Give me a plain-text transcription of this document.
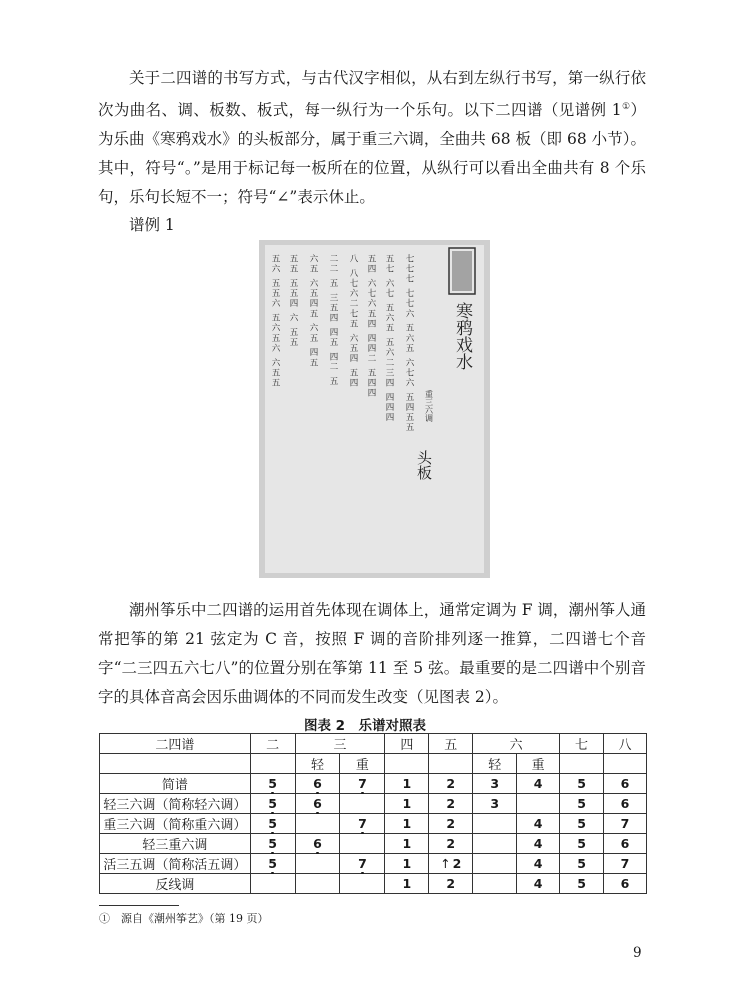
关于二四谱的书写方式，与古代汉字相似，从右到左纵行书写，第一纵行依次为曲名、调、板数、板式，每一纵行为一个乐句。以下二四谱（见谱例 1①）为乐曲《寒鸦戏水》的头板部分，属于重三六调，全曲共 68 板（即 68 小节）。其中，符号“。”是用于标记每一板所在的位置，从纵行可以看出全曲共有 8 个乐句，乐句长短不一；符号“∠”表示休止。

谱例 1

寒鸦戏水
重三六调
头板
七七七 七七六 五六五 六七六 五四五五
五七 六七 五六五 五六二三四 四四四
五四 六七六五四 四四二 五四四
八 八七六二七五 六五四 五四
二二 五 三五四 四五 四二 五
六五 六五四五 六五 四五
五五 五五四 六 五五
五六 五五六 五六五六 六五五

潮州筝乐中二四谱的运用首先体现在调体上，通常定调为 F 调，潮州筝人通常把筝的第 21 弦定为 C 音，按照 F 调的音阶排列逐一推算，二四谱七个音字“二三四五六七八”的位置分别在筝第 11 至 5 弦。最重要的是二四谱中个别音字的具体音高会因乐曲调体的不同而发生改变（见图表 2）。

图表 2　乐谱对照表
二四谱	二	三		四	五	六		七	八
		轻	重			轻	重		
简谱	5	6	7	1	2	3	4	5	6
轻三六调（简称轻六调）	5	6		1	2	3		5	6
重三六调（简称重六调）	5		7	1	2		4	5	7
轻三重六调	5	6		1	2		4	5	6
活三五调（简称活五调）	5		7	1	↑ 2		4	5	7
反线调				1	2		4	5	6

①　 源自《潮州筝艺》（第 19 页）

9
